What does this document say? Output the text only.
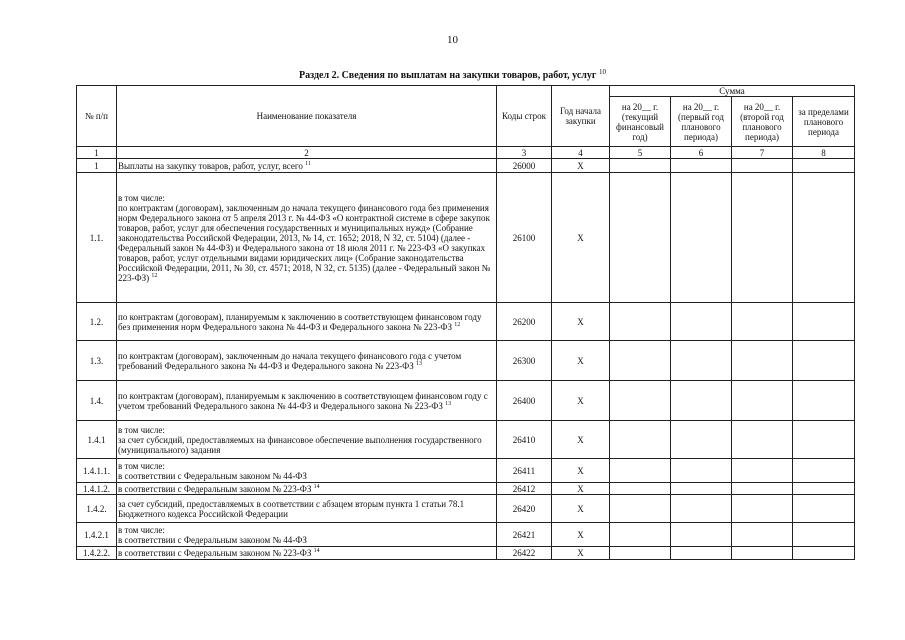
10
Раздел 2. Сведения по выплатам на закупки товаров, работ, услуг $^{10}$
№ п/п	Наименование показателя	Коды строк	Год начала закупки	Сумма			
				на 20__ г. (текущий финансовый год)	на 20__ г. (первый год планового периода)	на 20__ г. (второй год планового периода)	за пределами планового периода
1	2	3	4	5	6	7	8
1	Выплаты на закупку товаров, работ, услуг, всего $^{11}$	26000	X				
1.1.	в том числе:
по контрактам (договорам), заключенным до начала текущего финансового года без применения норм Федерального закона от 5 апреля 2013 г. № 44-ФЗ «О контрактной системе в сфере закупок товаров, работ, услуг для обеспечения государственных и муниципальных нужд» (Собрание законодательства Российской Федерации, 2013, № 14, ст. 1652; 2018, N 32, ст. 5104) (далее - Федеральный закон № 44-ФЗ) и Федерального закона от 18 июля 2011 г. № 223-ФЗ «О закупках товаров, работ, услуг отдельными видами юридических лиц» (Собрание законодательства Российской Федерации, 2011, № 30, ст. 4571; 2018, N 32, ст. 5135) (далее - Федеральный закон № 223-ФЗ) $^{12}$	26100	X				
1.2.	по контрактам (договорам), планируемым к заключению в соответствующем финансовом году без применения норм Федерального закона № 44-ФЗ и Федерального закона № 223-ФЗ $^{12}$	26200	X				
1.3.	по контрактам (договорам), заключенным до начала текущего финансового года с учетом требований Федерального закона № 44-ФЗ и Федерального закона № 223-ФЗ $^{13}$	26300	X				
1.4.	по контрактам (договорам), планируемым к заключению в соответствующем финансовом году с учетом требований Федерального закона № 44-ФЗ и Федерального закона № 223-ФЗ $^{13}$	26400	X				
1.4.1	в том числе:
за счет субсидий, предоставляемых на финансовое обеспечение выполнения государственного (муниципального) задания	26410	X				
1.4.1.1.	в том числе:
в соответствии с Федеральным законом № 44-ФЗ	26411	X				
1.4.1.2.	в соответствии с Федеральным законом № 223-ФЗ $^{14}$	26412	X				
1.4.2.	за счет субсидий, предоставляемых в соответствии с абзацем вторым пункта 1 статьи 78.1 Бюджетного кодекса Российской Федерации	26420	X				
1.4.2.1	в том числе:
в соответствии с Федеральным законом № 44-ФЗ	26421	X				
1.4.2.2.	в соответствии с Федеральным законом № 223-ФЗ $^{14}$	26422	X				
